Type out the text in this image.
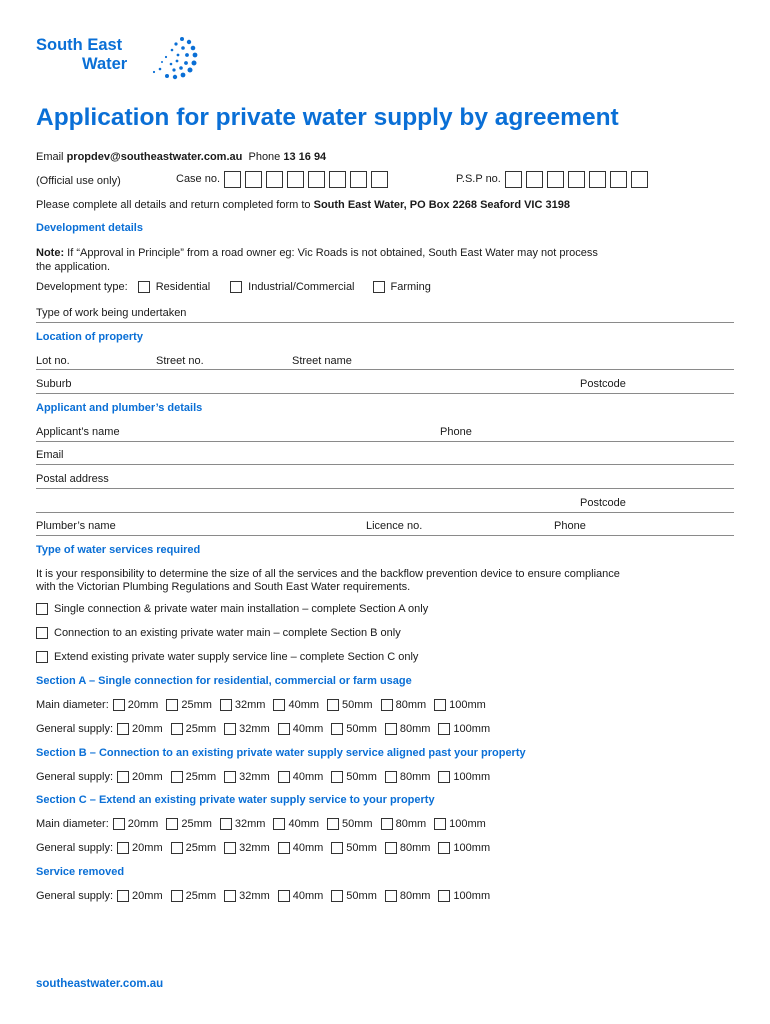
South East
Water
Application for private water supply by agreement
Email propdev@southeastwater.com.au Phone 13 16 94
(Official use only)	Case no.	P.S.P no.
Please complete all details and return completed form to South East Water, PO Box 2268 Seaford VIC 3198
Development details
Note: If “Approval in Principle” from a road owner eg: Vic Roads is not obtained, South East Water may not process
the application.
Development type:	Residential	Industrial/Commercial	Farming
Type of work being undertaken
Location of property
Lot no.	Street no.	Street name
Suburb	Postcode
Applicant and plumber’s details
Applicant’s name	Phone
Email
Postal address
Postcode
Plumber’s name	Licence no.	Phone
Type of water services required
It is your responsibility to determine the size of all the services and the backflow prevention device to ensure compliance
with the Victorian Plumbing Regulations and South East Water requirements.
Single connection & private water main installation – complete Section A only
Connection to an existing private water main – complete Section B only
Extend existing private water supply service line – complete Section C only
Section A – Single connection for residential, commercial or farm usage
Main diameter: 20mm 25mm 32mm 40mm 50mm 80mm 100mm
General supply: 20mm 25mm 32mm 40mm 50mm 80mm 100mm
Section B – Connection to an existing private water supply service aligned past your property
General supply: 20mm 25mm 32mm 40mm 50mm 80mm 100mm
Section C – Extend an existing private water supply service to your property
Main diameter: 20mm 25mm 32mm 40mm 50mm 80mm 100mm
General supply: 20mm 25mm 32mm 40mm 50mm 80mm 100mm
Service removed
General supply: 20mm 25mm 32mm 40mm 50mm 80mm 100mm
southeastwater.com.au
